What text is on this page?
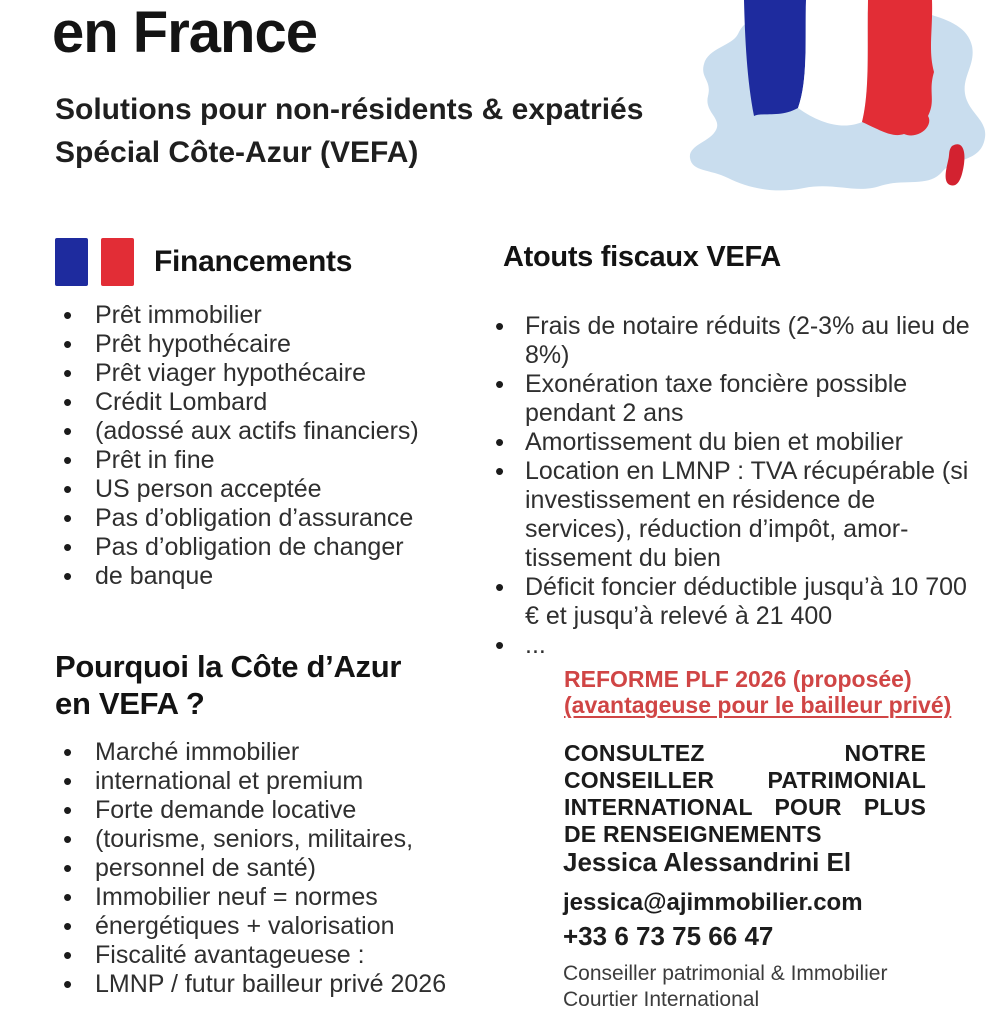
en France
Solutions pour non-résidents & expatriés
Spécial Côte-Azur (VEFA)
Financements
• Prêt immobilier
• Prêt hypothécaire
• Prêt viager hypothécaire
• Crédit Lombard
• (adossé aux actifs financiers)
• Prêt in fine
• US person acceptée
• Pas d’obligation d’assurance
• Pas d’obligation de changer
• de banque
Atouts fiscaux VEFA
• Frais de notaire réduits (2-3% au lieu de 8%)
• Exonération taxe foncière possible pendant 2 ans
• Amortissement du bien et mobilier
• Location en LMNP : TVA récupérable (si investissement en résidence de services), réduction d’impôt, amor-tissement du bien
• Déficit foncier déductible jusqu’à 10 700 € et jusqu’à relevé à 21 400
• ...
Pourquoi la Côte d’Azur
en VEFA ?
• Marché immobilier
• international et premium
• Forte demande locative
• (tourisme, seniors, militaires,
• personnel de santé)
• Immobilier neuf = normes
• énergétiques + valorisation
• Fiscalité avantageuese :
• LMNP / futur bailleur privé 2026
REFORME PLF 2026 (proposée)
(avantageuse pour le bailleur privé)
CONSULTEZ NOTRE CONSEILLER PATRIMONIAL INTERNATIONAL POUR PLUS DE RENSEIGNEMENTS
Jessica Alessandrini El
jessica@ajimmobilier.com
+33 6 73 75 66 47
Conseiller patrimonial & Immobilier
Courtier International
